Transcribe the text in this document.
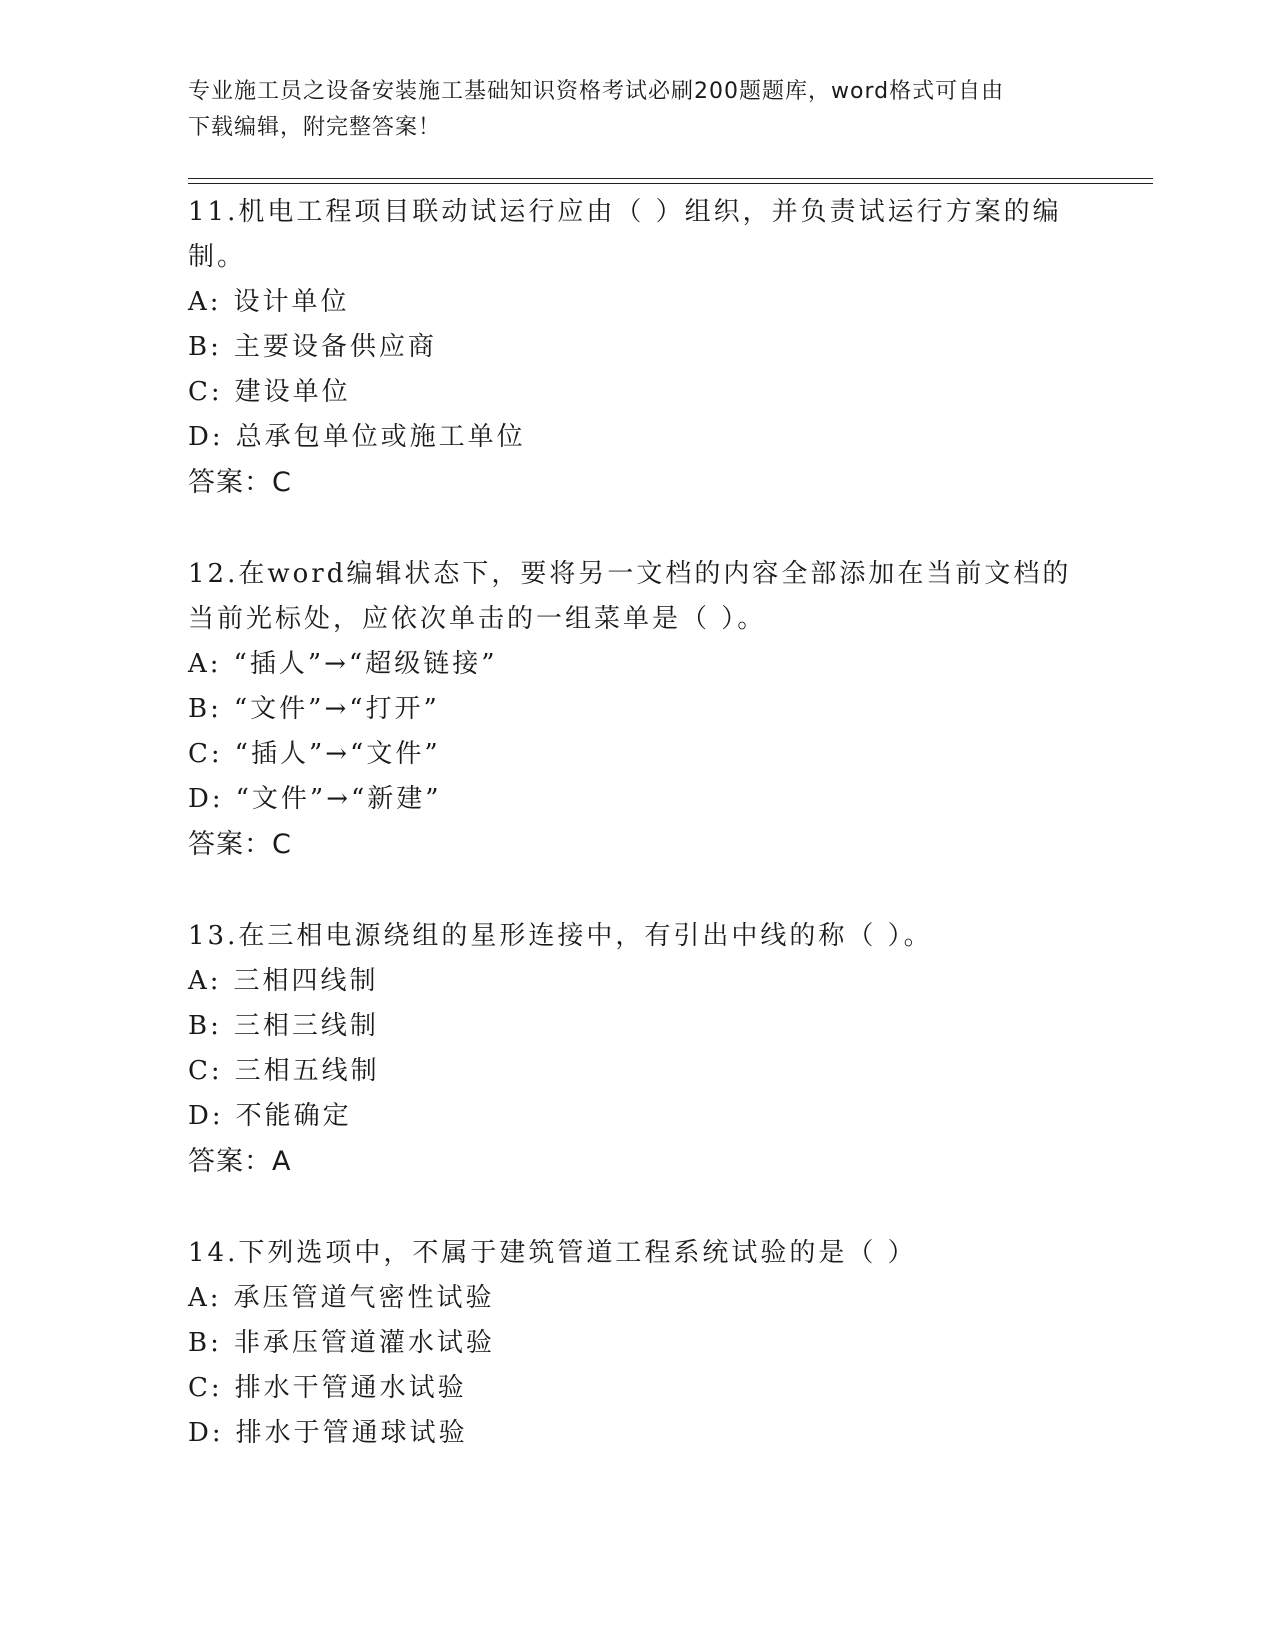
专业施工员之设备安装施工基础知识资格考试必刷200题题库，word格式可自由
下载编辑，附完整答案！

11.机电工程项目联动试运行应由（ ）组织，并负责试运行方案的编制。

A: 设计单位
B: 主要设备供应商
C: 建设单位
D: 总承包单位或施工单位

答案：C

12.在word编辑状态下，要将另一文档的内容全部添加在当前文档的当前光标处，应依次单击的一组菜单是（ ）。

A: “插人”→“超级链接”
B: “文件”→“打开”
C: “插人”→“文件”
D: “文件”→“新建”

答案：C

13.在三相电源绕组的星形连接中，有引出中线的称（ ）。

A: 三相四线制
B: 三相三线制
C: 三相五线制
D: 不能确定

答案：A

14.下列选项中，不属于建筑管道工程系统试验的是（ ）

A: 承压管道气密性试验
B: 非承压管道灌水试验
C: 排水干管通水试验
D: 排水于管通球试验
